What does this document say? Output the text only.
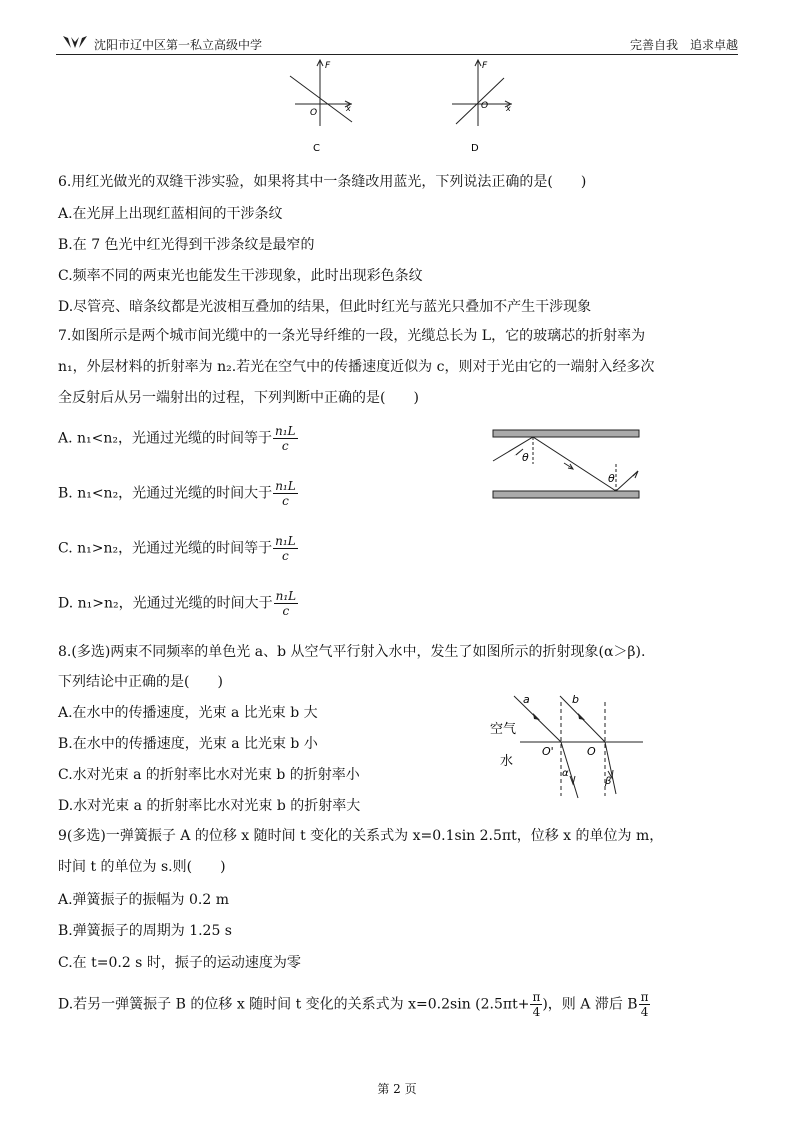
沈阳市辽中区第一私立高级中学	完善自我　追求卓越
F
O	x
C
F
O x
D
6.用红光做光的双缝干涉实验，如果将其中一条缝改用蓝光，下列说法正确的是(　　)
A.在光屏上出现红蓝相间的干涉条纹
B.在 7 色光中红光得到干涉条纹是最窄的
C.频率不同的两束光也能发生干涉现象，此时出现彩色条纹
D.尽管亮、暗条纹都是光波相互叠加的结果，但此时红光与蓝光只叠加不产生干涉现象
7.如图所示是两个城市间光缆中的一条光导纤维的一段，光缆总长为 L，它的玻璃芯的折射率为
n₁，外层材料的折射率为 n₂.若光在空气中的传播速度近似为 c，则对于光由它的一端射入经多次
全反射后从另一端射出的过程，下列判断中正确的是(　　)
A. n₁<n₂，光通过光缆的时间等于 $\frac{\text{n₁L}}{c}$
B. n₁<n₂，光通过光缆的时间大于 $\frac{\text{n₁L}}{c}$
C. n₁>n₂，光通过光缆的时间等于 $\frac{\text{n₁L}}{c}$
D. n₁>n₂，光通过光缆的时间大于 $\frac{\text{n₁L}}{c}$
θ
θ
8.(多选)两束不同频率的单色光 a、b 从空气平行射入水中，发生了如图所示的折射现象(α＞β).
下列结论中正确的是(　　)
A.在水中的传播速度，光束 a 比光束 b 大
B.在水中的传播速度，光束 a 比光束 b 小
C.水对光束 a 的折射率比水对光束 b 的折射率小
D.水对光束 a 的折射率比水对光束 b 的折射率大
空气
水
a	b
O'	O
α
β
9(多选)一弹簧振子 A 的位移 x 随时间 t 变化的关系式为 x=0.1sin 2.5πt，位移 x 的单位为 m，
时间 t 的单位为 s.则(　　)
A.弹簧振子的振幅为 0.2 m
B.弹簧振子的周期为 1.25 s
C.在 t=0.2 s 时，振子的运动速度为零
D.若另一弹簧振子 B 的位移 x 随时间 t 变化的关系式为 x=0.2sin ($2.5\pi t+ \frac{\pi}{4}$ )，则 A 滞后 B $\frac{\pi}{4}$
第 2 页
